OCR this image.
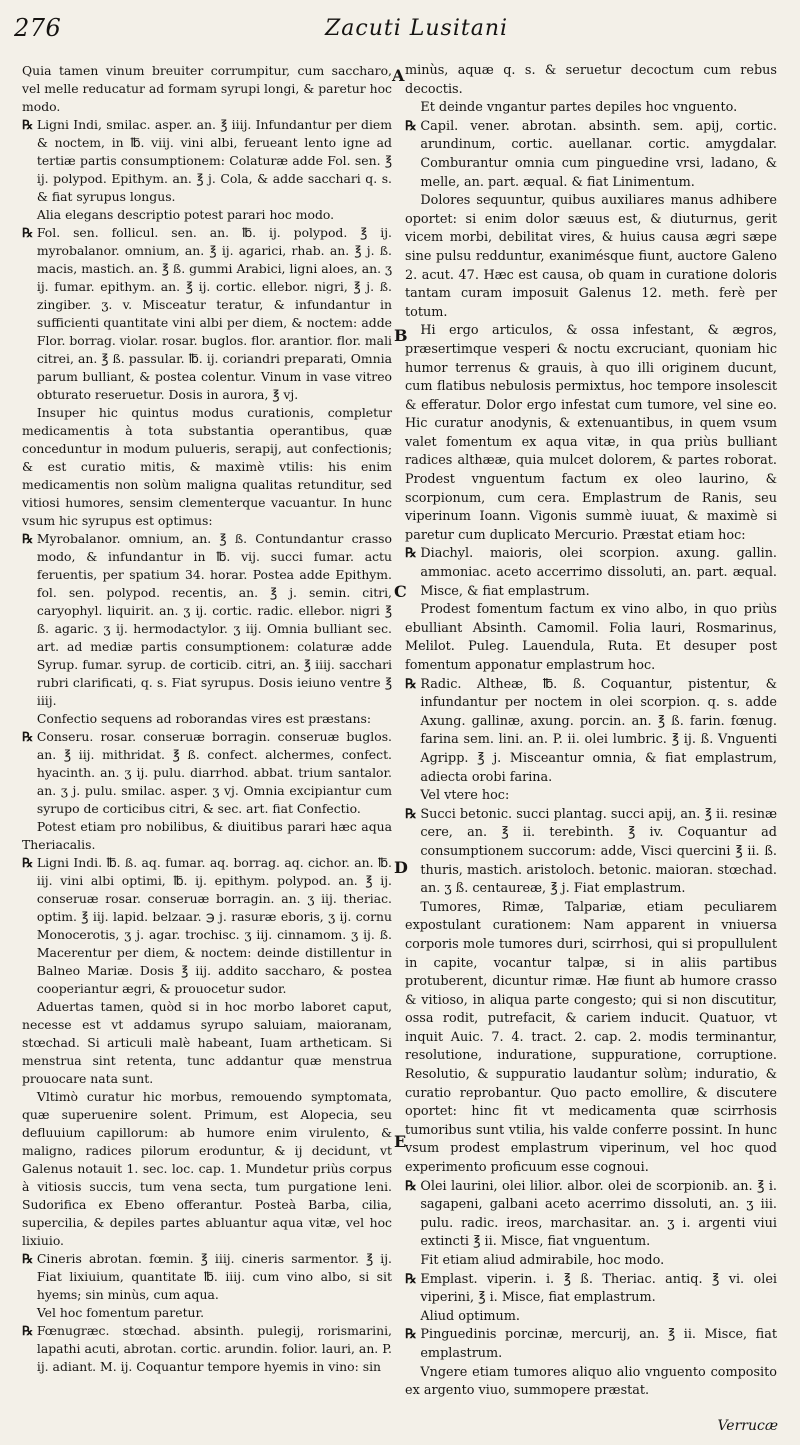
276	Zacuti Lusitani

Quia tamen vinum breuiter corrumpitur, cum saccharo, vel melle reducatur ad formam syrupi longi, & paretur hoc modo.

℞ Ligni Indi, smilac. asper. an. ℥ iiij. Infundantur per diem & noctem, in ℔. viij. vini albi, ferueant lento igne ad tertiæ partis consumptionem: Colaturæ adde Fol. sen. ℥ ij. polypod. Epithym. an. ℥ j. Cola, & adde sacchari q. s. & fiat syrupus longus.

Alia elegans descriptio potest parari hoc modo.

℞ Fol. sen. follicul. sen. an. ℔. ij. polypod. ℥ ij. myrobalanor. omnium, an. ℥ ij. agarici, rhab. an. ℥ j. ß. macis, mastich. an. ℥ ß. gummi Arabici, ligni aloes, an. ʒ ij. fumar. epithym. an. ℥ ij. cortic. ellebor. nigri, ℥ j. ß. zingiber. ʒ. v. Misceatur teratur, & infundantur in sufficienti quantitate vini albi per diem, & noctem: adde Flor. borrag. violar. rosar. buglos. flor. arantior. flor. mali citrei, an. ℥ ß. passular. ℔. ij. coriandri preparati, Omnia parum bulliant, & postea colentur. Vinum in vase vitreo obturato reseruetur. Dosis in aurora, ℥ vj.

Insuper hic quintus modus curationis, completur medicamentis à tota substantia operantibus, quæ conceduntur in modum pulueris, serapij, aut confectionis; & est curatio mitis, & maximè vtilis: his enim medicamentis non solùm maligna qualitas retunditur, sed vitiosi humores, sensim clementerque vacuantur. In hunc vsum hic syrupus est optimus:

℞ Myrobalanor. omnium, an. ℥ ß. Contundantur crasso modo, & infundantur in ℔. vij. succi fumar. actu feruentis, per spatium 34. horar. Postea adde Epithym. fol. sen. polypod. recentis, an. ℥ j. semin. citri, caryophyl. liquirit. an. ʒ ij. cortic. radic. ellebor. nigri ℥ ß. agaric. ʒ ij. hermodactylor. ʒ iij. Omnia bulliant sec. art. ad mediæ partis consumptionem: colaturæ adde Syrup. fumar. syrup. de corticib. citri, an. ℥ iiij. sacchari rubri clarificati, q. s. Fiat syrupus. Dosis ieiuno ventre ℥ iiij.

Confectio sequens ad roborandas vires est præstans:

℞ Conseru. rosar. conseruæ borragin. conseruæ buglos. an. ℥ iij. mithridat. ℥ ß. confect. alchermes, confect. hyacinth. an. ʒ ij. pulu. diarrhod. abbat. trium santalor. an. ʒ j. pulu. smilac. asper. ʒ vj. Omnia excipiantur cum syrupo de corticibus citri, & sec. art. fiat Confectio.

Potest etiam pro nobilibus, & diuitibus parari hæc aqua Theriacalis.

℞ Ligni Indi. ℔. ß. aq. fumar. aq. borrag. aq. cichor. an. ℔. iij. vini albi optimi, ℔. ij. epithym. polypod. an. ℥ ij. conseruæ rosar. conseruæ borragin. an. ʒ iij. theriac. optim. ℥ iij. lapid. belzaar. ℈ j. rasuræ eboris, ʒ ij. cornu Monocerotis, ʒ j. agar. trochisc. ʒ iij. cinnamom. ʒ ij. ß. Macerentur per diem, & noctem: deinde distillentur in Balneo Mariæ. Dosis ℥ iij. addito saccharo, & postea cooperiantur ægri, & prouocetur sudor.

Aduertas tamen, quòd si in hoc morbo laboret caput, necesse est vt addamus syrupo saluiam, maioranam, stœchad. Si articuli malè habeant, Iuam artheticam. Si menstrua sint retenta, tunc addantur quæ menstrua prouocare nata sunt.

Vltimò curatur hic morbus, remouendo symptomata, quæ superuenire solent. Primum, est Alopecia, seu defluuium capillorum: ab humore enim virulento, & maligno, radices pilorum eroduntur, & ij decidunt, vt Galenus notauit 1. sec. loc. cap. 1. Mundetur priùs corpus à vitiosis succis, tum vena secta, tum purgatione leni. Sudorifica ex Ebeno offerantur. Posteà Barba, cilia, supercilia, & depiles partes abluantur aqua vitæ, vel hoc lixiuio.

℞ Cineris abrotan. fœmin. ℥ iiij. cineris sarmentor. ℥ ij. Fiat lixiuium, quantitate ℔. iiij. cum vino albo, si sit hyems; sin minùs, cum aqua.

Vel hoc fomentum paretur.

℞ Fœnugræc. stœchad. absinth. pulegij, rorismarini, lapathi acuti, abrotan. cortic. arundin. folior. lauri, an. P. ij. adiant. M. ij. Coquantur tempore hyemis in vino: sin

minùs, aquæ q. s. & seruetur decoctum cum rebus decoctis.

Et deinde vngantur partes depiles hoc vnguento.

℞ Capil. vener. abrotan. absinth. sem. apij, cortic. arundinum, cortic. auellanar. cortic. amygdalar. Comburantur omnia cum pinguedine vrsi, ladano, & melle, an. part. æqual. & fiat Linimentum.

Dolores sequuntur, quibus auxiliares manus adhibere oportet: si enim dolor sæuus est, & diuturnus, gerit vicem morbi, debilitat vires, & huius causa ægri sæpe sine pulsu redduntur, exanimésque fiunt, auctore Galeno 2. acut. 47. Hæc est causa, ob quam in curatione doloris tantam curam imposuit Galenus 12. meth. ferè per totum.

Hi ergo articulos, & ossa infestant, & ægros, præsertimque vesperi & noctu excruciant, quoniam hic humor terrenus & grauis, à quo illi originem ducunt, cum flatibus nebulosis permixtus, hoc tempore insolescit & efferatur. Dolor ergo infestat cum tumore, vel sine eo. Hic curatur anodynis, & extenuantibus, in quem vsum valet fomentum ex aqua vitæ, in qua priùs bulliant radices althææ, quia mulcet dolorem, & partes roborat. Prodest vnguentum factum ex oleo laurino, & scorpionum, cum cera. Emplastrum de Ranis, seu viperinum Ioann. Vigonis summè iuuat, & maximè si paretur cum duplicato Mercurio. Præstat etiam hoc:

℞ Diachyl. maioris, olei scorpion. axung. gallin. ammoniac. aceto accerrimo dissoluti, an. part. æqual. Misce, & fiat emplastrum.

Prodest fomentum factum ex vino albo, in quo priùs ebulliant Absinth. Camomil. Folia lauri, Rosmarinus, Melilot. Puleg. Lauendula, Ruta. Et desuper post fomentum apponatur emplastrum hoc.

℞ Radic. Altheæ, ℔. ß. Coquantur, pistentur, & infundantur per noctem in olei scorpion. q. s. adde Axung. gallinæ, axung. porcin. an. ℥ ß. farin. fœnug. farina sem. lini. an. P. ii. olei lumbric. ℥ ij. ß. Vnguenti Agripp. ℥ j. Misceantur omnia, & fiat emplastrum, adiecta orobi farina.

Vel vtere hoc:

℞ Succi betonic. succi plantag. succi apij, an. ℥ ii. resinæ cere, an. ℥ ii. terebinth. ℥ iv. Coquantur ad consumptionem succorum: adde, Visci quercini ℥ ii. ß. thuris, mastich. aristoloch. betonic. maioran. stœchad. an. ʒ ß. centaureæ, ℥ j. Fiat emplastrum.

Tumores, Rimæ, Talpariæ, etiam peculiarem expostulant curationem: Nam apparent in vniuersa corporis mole tumores duri, scirrhosi, qui si propullulent in capite, vocantur talpæ, si in aliis partibus protuberent, dicuntur rimæ. Hæ fiunt ab humore crasso & vitioso, in aliqua parte congesto; qui si non discutitur, ossa rodit, putrefacit, & cariem inducit. Quatuor, vt inquit Auic. 7. 4. tract. 2. cap. 2. modis terminantur, resolutione, induratione, suppuratione, corruptione. Resolutio, & suppuratio laudantur solùm; induratio, & curatio reprobantur. Quo pacto emollire, & discutere oportet: hinc fit vt medicamenta quæ scirrhosis tumoribus sunt vtilia, his valde conferre possint. In hunc vsum prodest emplastrum viperinum, vel hoc quod experimento proficuum esse cognoui.

℞ Olei laurini, olei lilior. albor. olei de scorpionib. an. ℥ i. sagapeni, galbani aceto acerrimo dissoluti, an. ʒ iii. pulu. radic. ireos, marchasitar. an. ʒ i. argenti viui extincti ℥ ii. Misce, fiat vnguentum.

Fit etiam aliud admirabile, hoc modo.

℞ Emplast. viperin. i. ℥ ß. Theriac. antiq. ℥ vi. olei viperini, ℥ i. Misce, fiat emplastrum.

Aliud optimum.

℞ Pinguedinis porcinæ, mercurij, an. ℥ ii. Misce, fiat emplastrum.

Vngere etiam tumores aliquo alio vnguento composito ex argento viuo, summopere præstat.

A
B
C
D
E
Verrucæ
